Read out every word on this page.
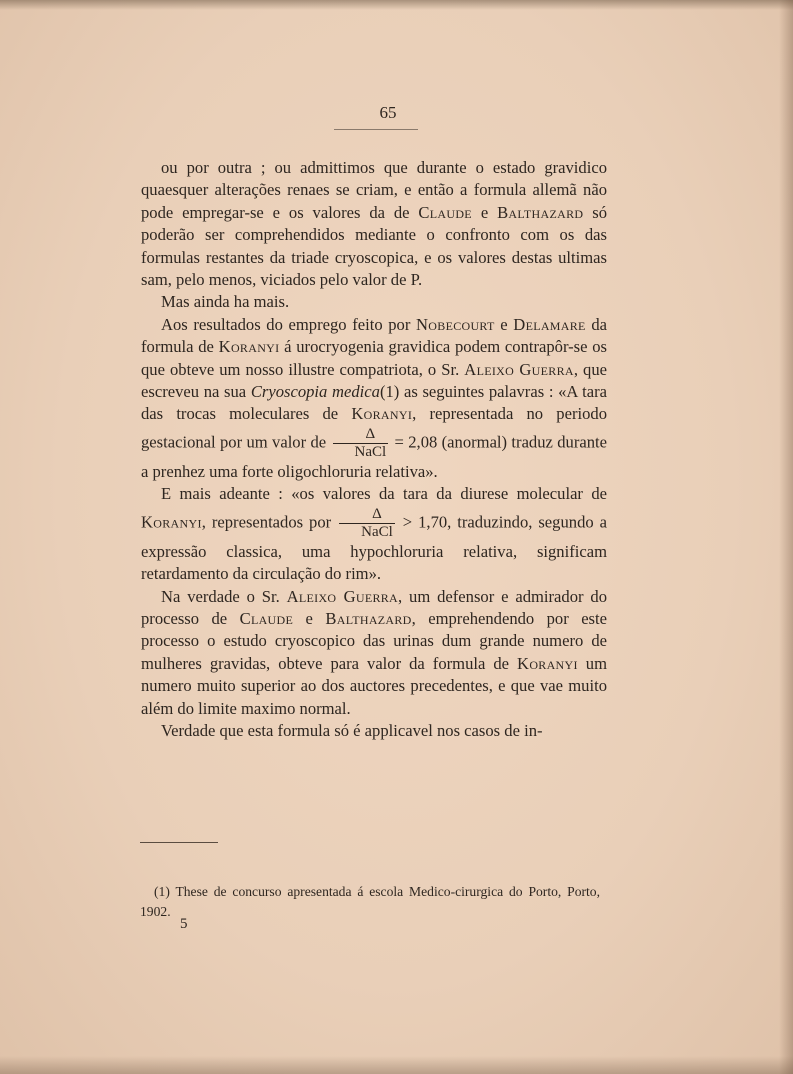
65

ou por outra ; ou admittimos que durante o estado gravidico quaesquer alterações renaes se criam, e então a formula allemã não pode empregar-se e os valores da de Claude e Balthazard só poderão ser comprehendidos mediante o confronto com os das formulas restantes da triade cryoscopica, e os valores destas ultimas sam, pelo menos, viciados pelo valor de P.

Mas ainda ha mais.

Aos resultados do emprego feito por Nobecourt e Delamare da formula de Koranyi á urocryogenia gravidica podem contrapôr-se os que obteve um nosso illustre compatriota, o Sr. Aleixo Guerra, que escreveu na sua Cryoscopia medica(1) as seguintes palavras : «A tara das trocas moleculares de Koranyi, representada no periodo gestacional por um valor de $\frac{\Delta}{\text{NaCl}} = 2,08$ (anormal) traduz durante a prenhez uma forte oligochloruria relativa».

E mais adeante : «os valores da tara da diurese molecular de Koranyi, representados por $\frac{\Delta}{\text{NaCl}} > 1,70$, traduzindo, segundo a expressão classica, uma hypochloruria relativa, significam retardamento da circulação do rim».

Na verdade o Sr. Aleixo Guerra, um defensor e admirador do processo de Claude e Balthazard, emprehendendo por este processo o estudo cryoscopico das urinas dum grande numero de mulheres gravidas, obteve para valor da formula de Koranyi um numero muito superior ao dos auctores precedentes, e que vae muito além do limite maximo normal.

Verdade que esta formula só é applicavel nos casos de in-

(1) These de concurso apresentada á escola Medico-cirurgica do Porto, Porto, 1902.

5
